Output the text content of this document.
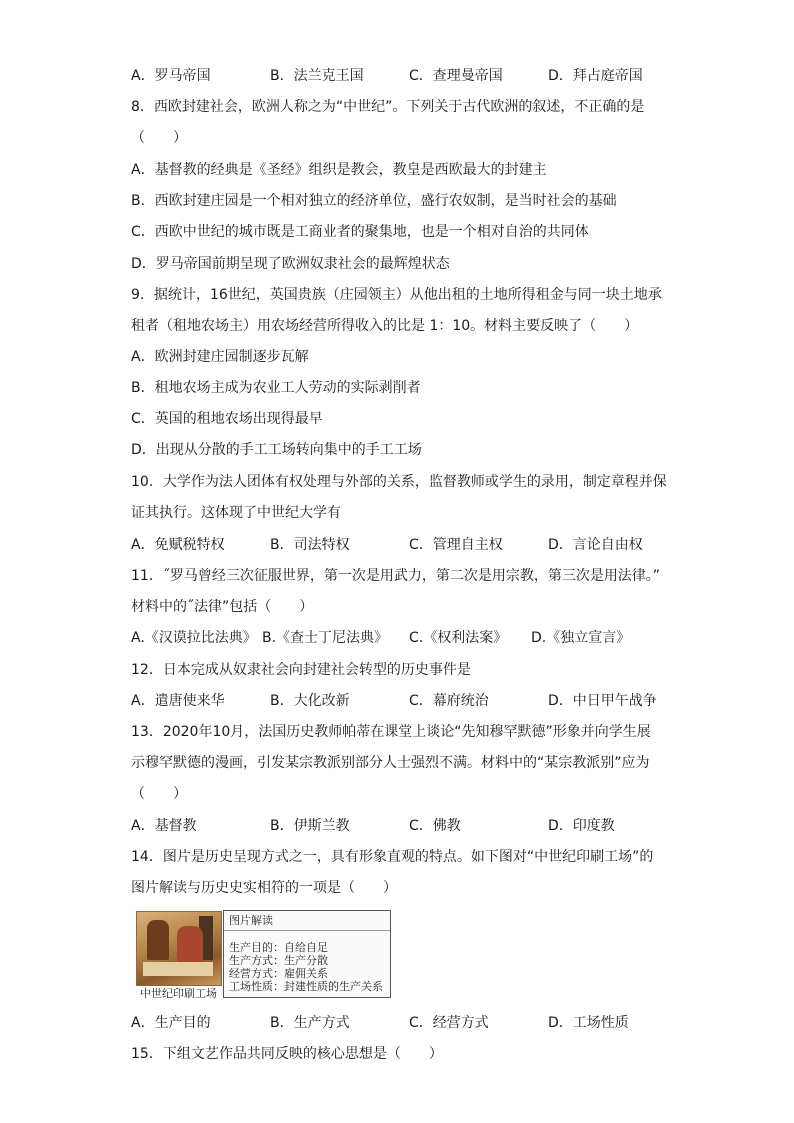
A．罗马帝国	B．法兰克王国	C．查理曼帝国	D．拜占庭帝国
8．西欧封建社会，欧洲人称之为“中世纪”。下列关于古代欧洲的叙述，不正确的是
（　　）
A．基督教的经典是《圣经》组织是教会，教皇是西欧最大的封建主
B．西欧封建庄园是一个相对独立的经济单位，盛行农奴制，是当时社会的基础
C．西欧中世纪的城市既是工商业者的聚集地，也是一个相对自治的共同体
D．罗马帝国前期呈现了欧洲奴隶社会的最辉煌状态
9．据统计，16世纪，英国贵族（庄园领主）从他出租的土地所得租金与同一块土地承
租者（租地农场主）用农场经营所得收入的比是 1：10。材料主要反映了（　　）
A．欧洲封建庄园制逐步瓦解
B．租地农场主成为农业工人劳动的实际剥削者
C．英国的租地农场出现得最早
D．出现从分散的手工工场转向集中的手工工场
10．大学作为法人团体有权处理与外部的关系，监督教师或学生的录用，制定章程并保
证其执行。这体现了中世纪大学有
A．免赋税特权	B．司法特权	C．管理自主权	D．言论自由权
11．˝罗马曾经三次征服世界，第一次是用武力，第二次是用宗教，第三次是用法律。”
材料中的˝法律”包括（　　）
A.《汉谟拉比法典》 B.《查士丁尼法典》 C.《权利法案》 D.《独立宣言》
12．日本完成从奴隶社会向封建社会转型的历史事件是
A．遣唐使来华	B．大化改新	C．幕府统治	D．中日甲午战争
13．2020年10月，法国历史教师帕蒂在课堂上谈论“先知穆罕默德”形象并向学生展
示穆罕默德的漫画，引发某宗教派别部分人士强烈不满。材料中的“某宗教派别”应为
（　　）
A．基督教	B．伊斯兰教	C．佛教	D．印度教
14．图片是历史呈现方式之一，具有形象直观的特点。如下图对“中世纪印刷工场”的
图片解读与历史史实相符的一项是（　　）
中世纪印刷工场
图片解读
生产目的：自给自足
生产方式：生产分散
经营方式：雇佣关系
工场性质：封建性质的生产关系
A．生产目的	B．生产方式	C．经营方式	D．工场性质
15．下组文艺作品共同反映的核心思想是（　　）
